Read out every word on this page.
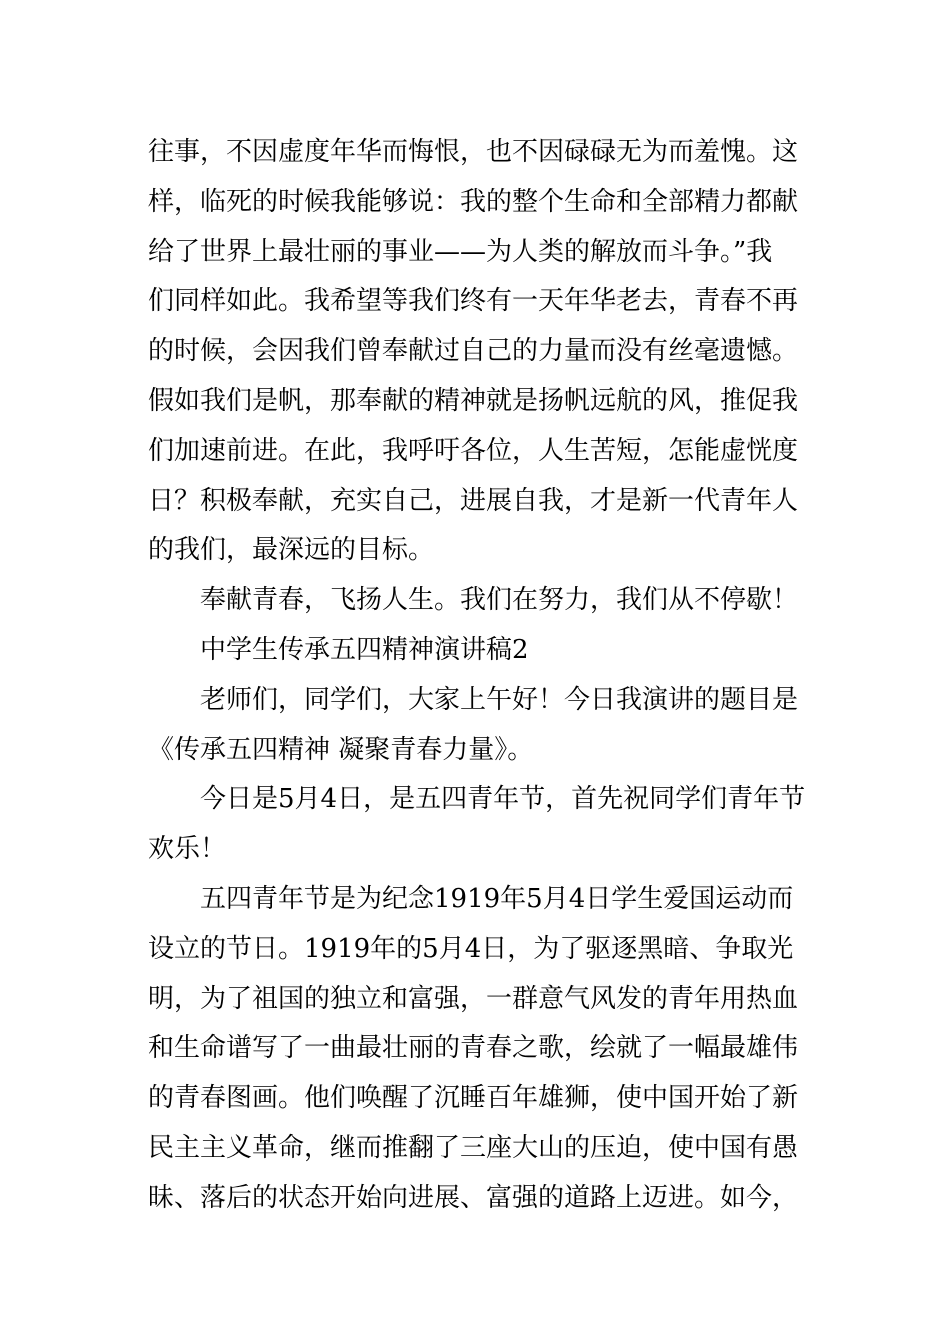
往事，不因虚度年华而悔恨，也不因碌碌无为而羞愧。这
样，临死的时候我能够说：我的整个生命和全部精力都献
给了世界上最壮丽的事业——为人类的解放而斗争。”我
们同样如此。我希望等我们终有一天年华老去，青春不再
的时候，会因我们曾奉献过自己的力量而没有丝毫遗憾。
假如我们是帆，那奉献的精神就是扬帆远航的风，推促我
们加速前进。在此，我呼吁各位，人生苦短，怎能虚恍度
日？积极奉献，充实自己，进展自我，才是新一代青年人
的我们，最深远的目标。
奉献青春，飞扬人生。我们在努力，我们从不停歇！
中学生传承五四精神演讲稿2
老师们，同学们，大家上午好！今日我演讲的题目是
《传承五四精神 凝聚青春力量》。
今日是5月4日，是五四青年节，首先祝同学们青年节
欢乐！
五四青年节是为纪念1919年5月4日学生爱国运动而
设立的节日。1919年的5月4日，为了驱逐黑暗、争取光
明，为了祖国的独立和富强，一群意气风发的青年用热血
和生命谱写了一曲最壮丽的青春之歌，绘就了一幅最雄伟
的青春图画。他们唤醒了沉睡百年雄狮，使中国开始了新
民主主义革命，继而推翻了三座大山的压迫，使中国有愚
昧、落后的状态开始向进展、富强的道路上迈进。如今，
